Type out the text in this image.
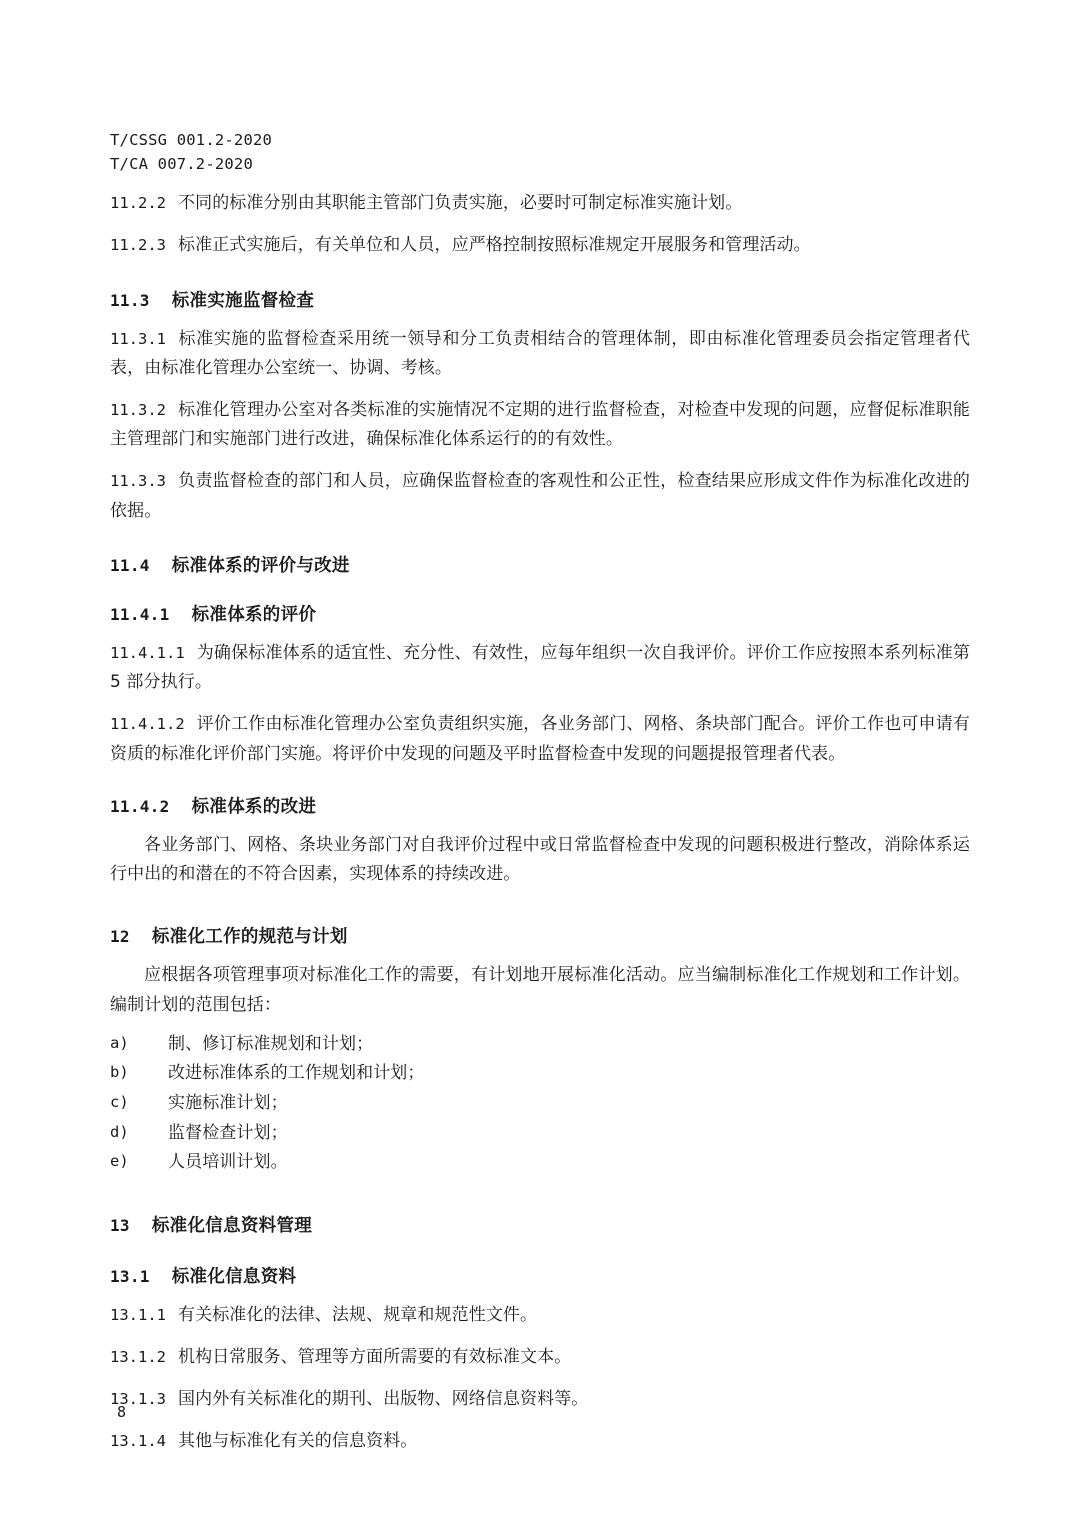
T/CSSG 001.2-2020
T/CA 007.2-2020
11.2.2 不同的标准分别由其职能主管部门负责实施，必要时可制定标准实施计划。
11.2.3 标准正式实施后，有关单位和人员，应严格控制按照标准规定开展服务和管理活动。
11.3 标准实施监督检查
11.3.1 标准实施的监督检查采用统一领导和分工负责相结合的管理体制，即由标准化管理委员会指定管理者代表，由标准化管理办公室统一、协调、考核。
11.3.2 标准化管理办公室对各类标准的实施情况不定期的进行监督检查，对检查中发现的问题，应督促标准职能主管理部门和实施部门进行改进，确保标准化体系运行的的有效性。
11.3.3 负责监督检查的部门和人员，应确保监督检查的客观性和公正性，检查结果应形成文件作为标准化改进的依据。
11.4 标准体系的评价与改进
11.4.1 标准体系的评价
11.4.1.1 为确保标准体系的适宜性、充分性、有效性，应每年组织一次自我评价。评价工作应按照本系列标准第 5 部分执行。
11.4.1.2 评价工作由标准化管理办公室负责组织实施，各业务部门、网格、条块部门配合。评价工作也可申请有资质的标准化评价部门实施。将评价中发现的问题及平时监督检查中发现的问题提报管理者代表。
11.4.2 标准体系的改进
各业务部门、网格、条块业务部门对自我评价过程中或日常监督检查中发现的问题积极进行整改，消除体系运行中出的和潜在的不符合因素，实现体系的持续改进。
12 标准化工作的规范与计划
应根据各项管理事项对标准化工作的需要，有计划地开展标准化活动。应当编制标准化工作规划和工作计划。编制计划的范围包括：
a) 制、修订标准规划和计划；
b) 改进标准体系的工作规划和计划；
c) 实施标准计划；
d) 监督检查计划；
e) 人员培训计划。
13 标准化信息资料管理
13.1 标准化信息资料
13.1.1 有关标准化的法律、法规、规章和规范性文件。
13.1.2 机构日常服务、管理等方面所需要的有效标准文本。
13.1.3 国内外有关标准化的期刊、出版物、网络信息资料等。
13.1.4 其他与标准化有关的信息资料。
8
